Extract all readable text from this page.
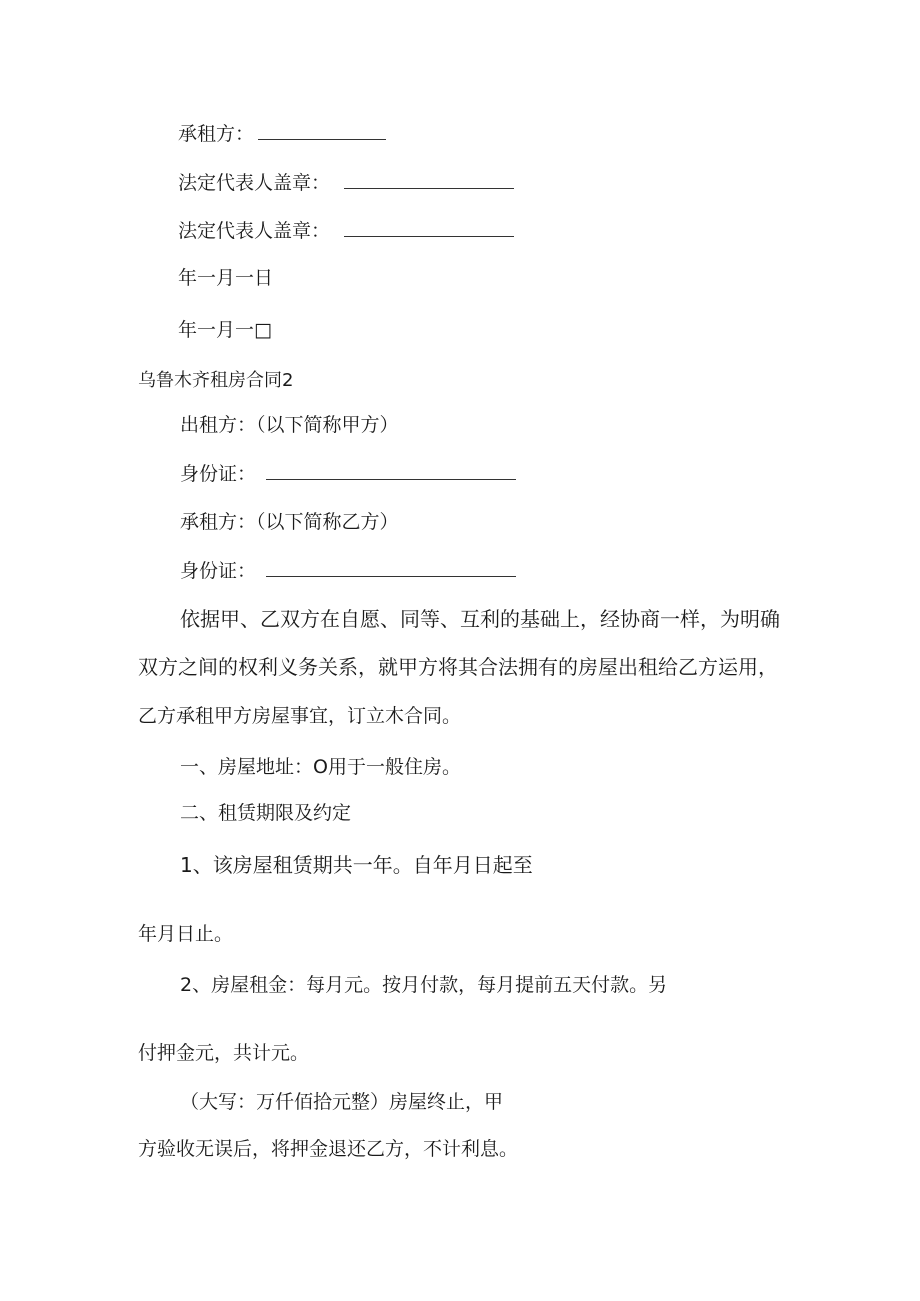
承租方：
法定代表人盖章：
法定代表人盖章：
年一月一日
年一月一□
乌鲁木齐租房合同2
出租方：（以下简称甲方）
身份证：
承租方：（以下简称乙方）
身份证：
依据甲、乙双方在自愿、同等、互利的基础上，经协商一样，为明确
双方之间的权利义务关系，就甲方将其合法拥有的房屋出租给乙方运用，
乙方承租甲方房屋事宜，订立木合同。
一、房屋地址：O用于一般住房。
二、租赁期限及约定
1、该房屋租赁期共一年。自年月日起至
年月日止。
2、房屋租金：每月元。按月付款，每月提前五天付款。另
付押金元，共计元。
（大写：万仟佰拾元整）房屋终止，甲
方验收无误后，将押金退还乙方，不计利息。
